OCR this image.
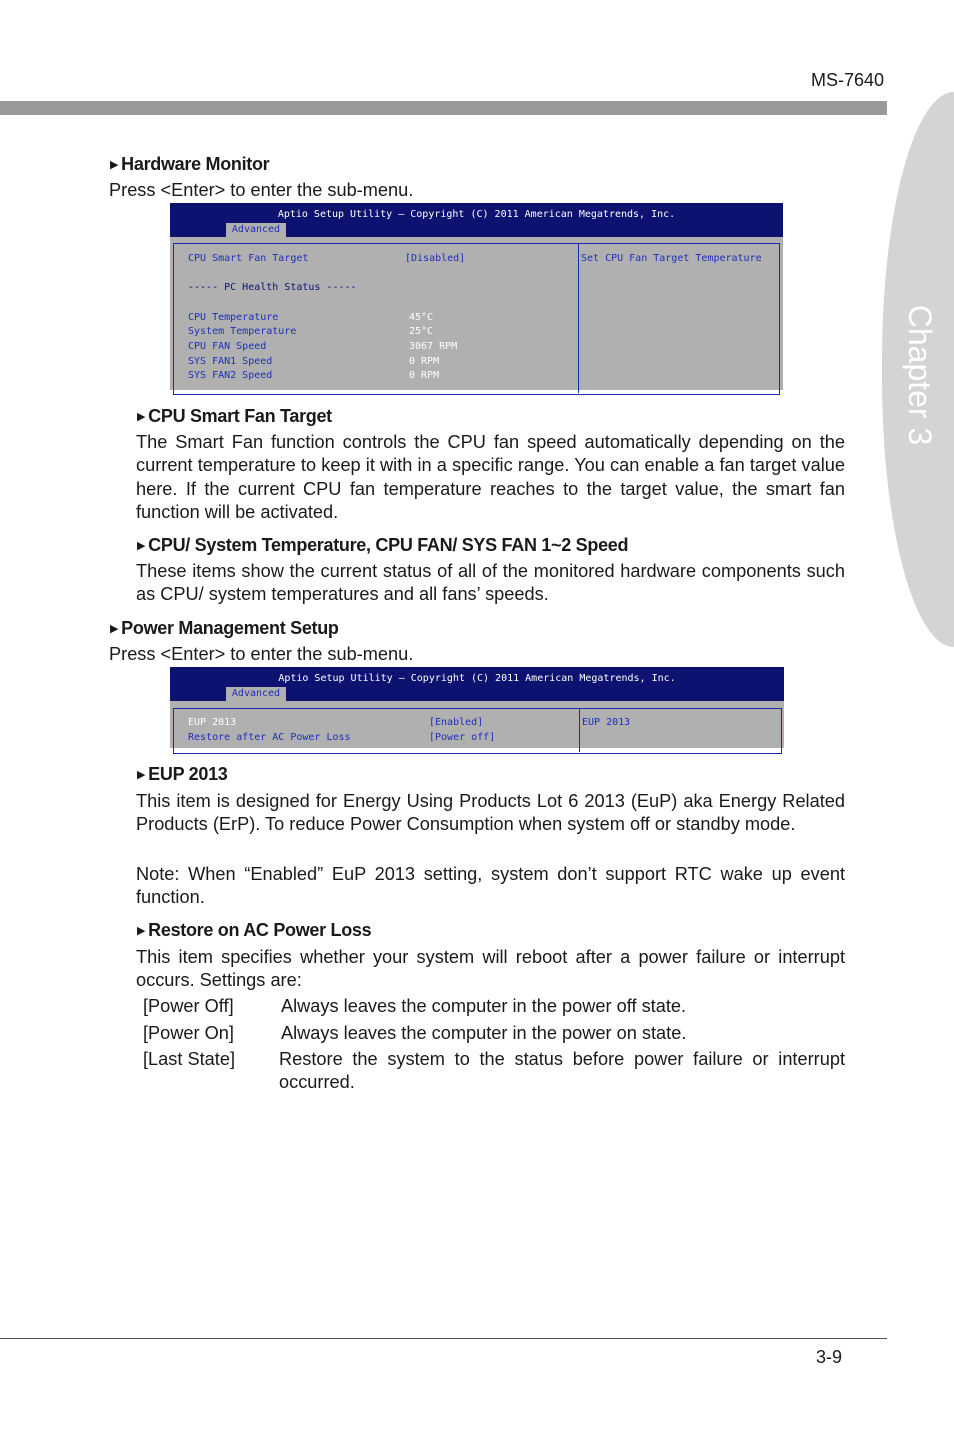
MS-7640
Chapter 3
▶ Hardware Monitor
Press <Enter> to enter the sub-menu.
Aptio Setup Utility – Copyright (C) 2011 American Megatrends, Inc.
Advanced
CPU Smart Fan Target	[Disabled]
----- PC Health Status -----
CPU Temperature	45°C
System Temperature	25°C
CPU FAN Speed	3067 RPM
SYS FAN1 Speed	0 RPM
SYS FAN2 Speed	0 RPM
Set CPU Fan Target Temperature
▶ CPU Smart Fan Target
The Smart Fan function controls the CPU fan speed automatically depending on the current temperature to keep it with in a specific range. You can enable a fan target value here. If the current CPU fan temperature reaches to the target value, the smart fan function will be activated.
▶ CPU/ System Temperature, CPU FAN/ SYS FAN 1~2 Speed
These items show the current status of all of the monitored hardware components such as CPU/ system temperatures and all fans’ speeds.
▶ Power Management Setup
Press <Enter> to enter the sub-menu.
Aptio Setup Utility – Copyright (C) 2011 American Megatrends, Inc.
Advanced
EUP 2013	[Enabled]
Restore after AC Power Loss	[Power off]
EUP 2013
▶ EUP 2013
This item is designed for Energy Using Products Lot 6 2013 (EuP) aka Energy Related Products (ErP). To reduce Power Consumption when system off or standby mode.
Note: When “Enabled” EuP 2013 setting, system don’t support RTC wake up event function.
▶ Restore on AC Power Loss
This item specifies whether your system will reboot after a power failure or interrupt occurs. Settings are:
[Power Off]	Always leaves the computer in the power off state.
[Power On]	Always leaves the computer in the power on state.
[Last State] Restore the system to the status before power failure or interrupt occurred.
3-9
